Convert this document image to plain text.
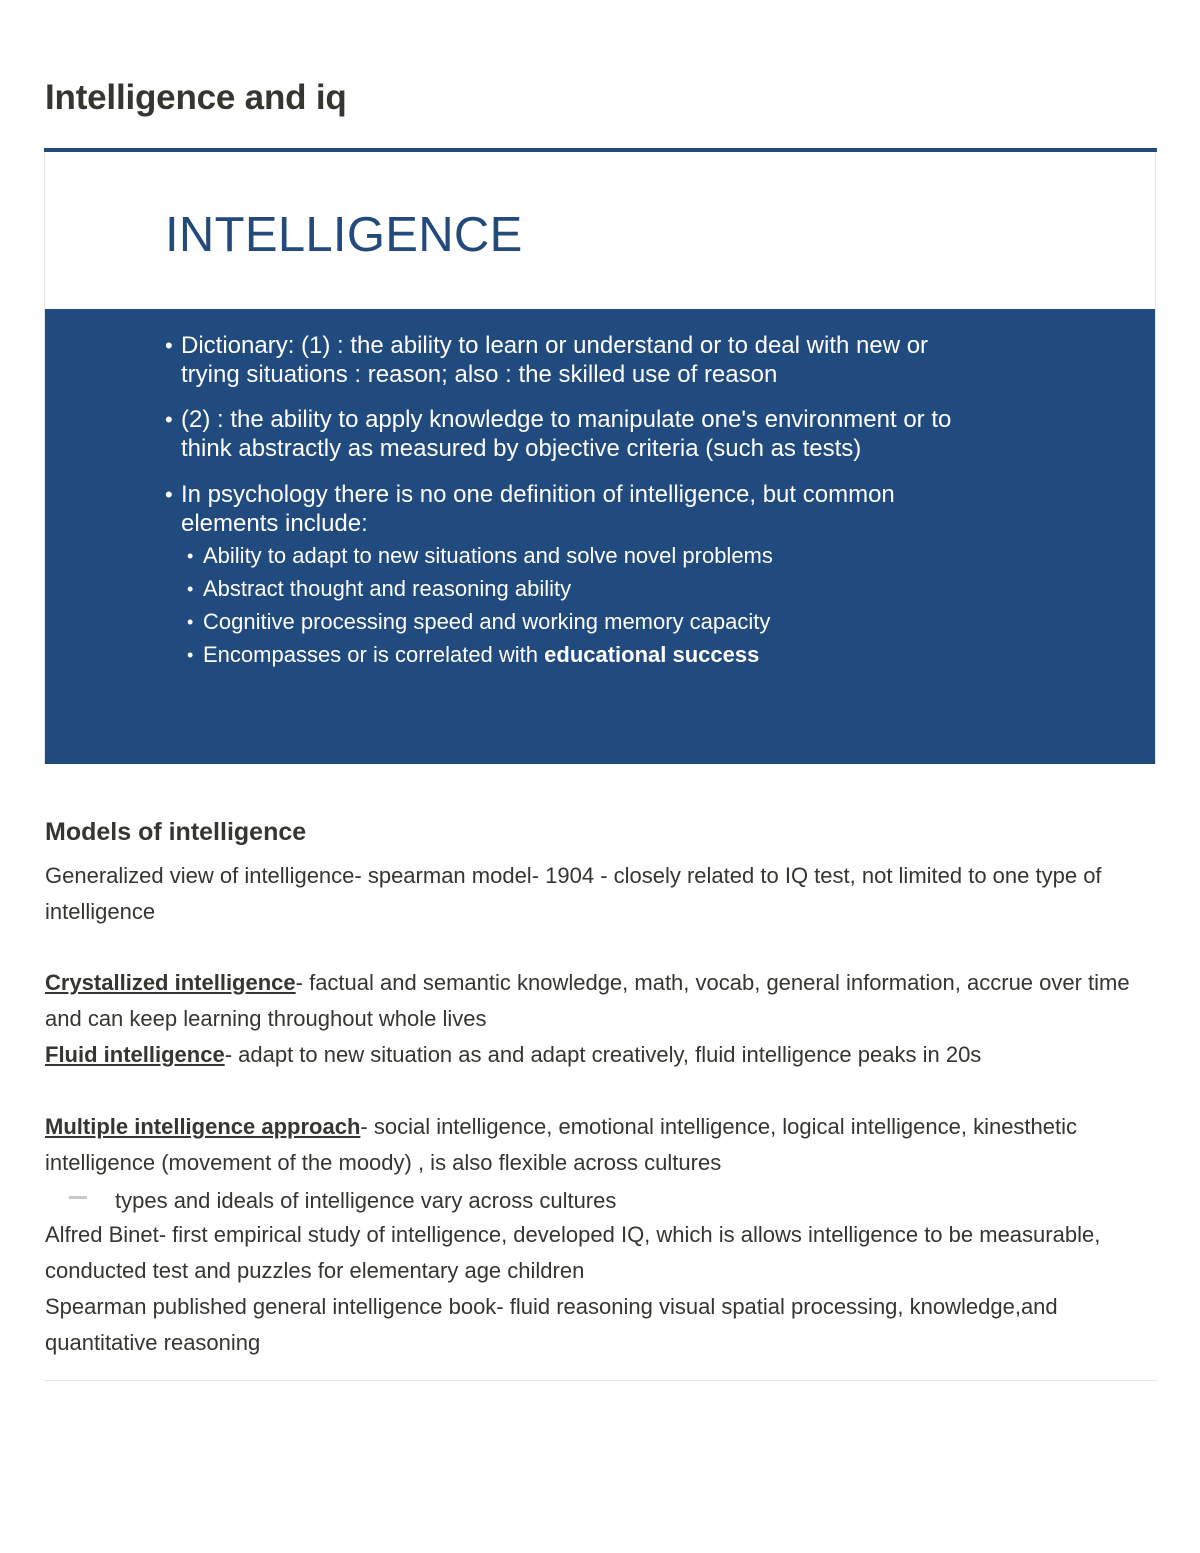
Intelligence and iq
INTELLIGENCE
• Dictionary: (1) : the ability to learn or understand or to deal with new or
trying situations : reason; also : the skilled use of reason
• (2) : the ability to apply knowledge to manipulate one's environment or to
think abstractly as measured by objective criteria (such as tests)
• In psychology there is no one definition of intelligence, but common
elements include:
• Ability to adapt to new situations and solve novel problems
• Abstract thought and reasoning ability
• Cognitive processing speed and working memory capacity
• Encompasses or is correlated with educational success
Models of intelligence
Generalized view of intelligence- spearman model- 1904 - closely related to IQ test, not limited to one type of intelligence
Crystallized intelligence- factual and semantic knowledge, math, vocab, general information, accrue over time and can keep learning throughout whole lives
Fluid intelligence- adapt to new situation as and adapt creatively, fluid intelligence peaks in 20s
Multiple intelligence approach- social intelligence, emotional intelligence, logical intelligence, kinesthetic intelligence (movement of the moody) , is also flexible across cultures
types and ideals of intelligence vary across cultures
Alfred Binet- first empirical study of intelligence, developed IQ, which is allows intelligence to be measurable, conducted test and puzzles for elementary age children
Spearman published general intelligence book- fluid reasoning visual spatial processing, knowledge,and quantitative reasoning
